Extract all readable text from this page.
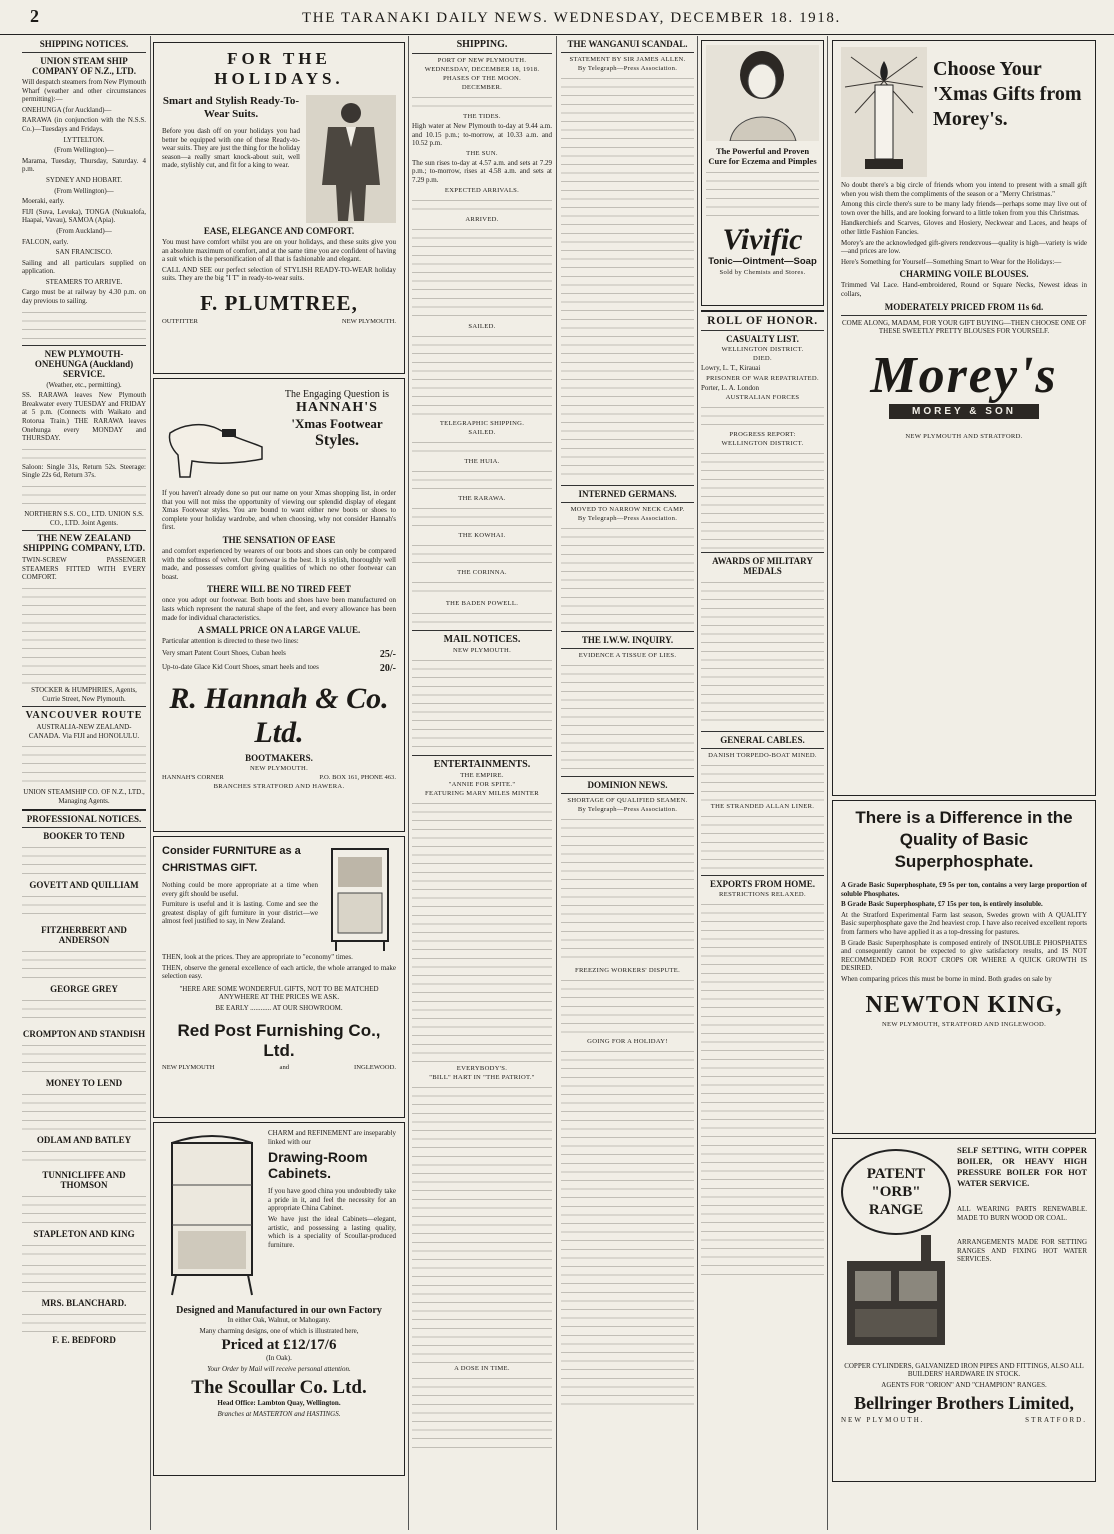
2	THE TARANAKI DAILY NEWS. WEDNESDAY, DECEMBER 18. 1918.
SHIPPING NOTICES.
UNION STEAM SHIP COMPANY OF N.Z., LTD.

Will despatch steamers from New Plymouth Wharf (weather and other circumstances permitting):—

ONEHUNGA (for Auckland)—

RARAWA (in conjunction with the N.S.S. Co.)—Tuesdays and Fridays.

LYTTELTON.

(From Wellington)—

Marama, Tuesday, Thursday, Saturday. 4 p.m.

SYDNEY AND HOBART.

(From Wellington)—

Moeraki, early.

FIJI (Suva, Levuka), TONGA (Nukualofa, Haapai, Vavau), SAMOA (Apia).

(From Auckland)—

FALCON, early.

SAN FRANCISCO.

Sailing and all particulars supplied on application.

STEAMERS TO ARRIVE.

Cargo must be at railway by 4.30 p.m. on day previous to sailing.

NEW PLYMOUTH-ONEHUNGA (Auckland) SERVICE.

(Weather, etc., permitting).

SS. RARAWA leaves New Plymouth Breakwater every TUESDAY and FRIDAY at 5 p.m. (Connects with Waikato and Rotorua Train.) THE RARAWA leaves Onehunga every MONDAY and THURSDAY.

Saloon: Single 31s, Return 52s. Steerage: Single 22s 6d, Return 37s.

NORTHERN S.S. CO., LTD. UNION S.S. CO., LTD. Joint Agents.

THE NEW ZEALAND SHIPPING COMPANY, LTD.

TWIN-SCREW PASSENGER STEAMERS FITTED WITH EVERY COMFORT.

STOCKER & HUMPHRIES, Agents, Currie Street, New Plymouth.

VANCOUVER ROUTE

AUSTRALIA-NEW ZEALAND-CANADA. Via FIJI and HONOLULU.

UNION STEAMSHIP CO. OF N.Z., LTD., Managing Agents.

PROFESSIONAL NOTICES.
BOOKER TO TEND
GOVETT AND QUILLIAM
FITZHERBERT AND ANDERSON
GEORGE GREY
CROMPTON AND STANDISH
MONEY TO LEND
ODLAM AND BATLEY
TUNNICLIFFE AND THOMSON
STAPLETON AND KING
MRS. BLANCHARD.
F. E. BEDFORD
FOR THE HOLIDAYS.
Smart and Stylish Ready-To-Wear Suits.

Before you dash off on your holidays you had better be equipped with one of these Ready-to-wear suits. They are just the thing for the holiday season—a really smart knock-about suit, well made, stylishly cut, and fit for a king to wear.

EASE, ELEGANCE AND COMFORT.

You must have comfort whilst you are on your holidays, and these suits give you an absolute maximum of comfort, and at the same time you are confident of having a suit which is the personification of all that is fashionable and elegant.

CALL AND SEE our perfect selection of STYLISH READY-TO-WEAR holiday suits. They are the big "I T" in ready-to-wear suits.

F. PLUMTREE,
OUTFITTER	NEW PLYMOUTH.
The Engaging Question is
HANNAH'S
'Xmas Footwear
Styles.

If you haven't already done so put our name on your Xmas shopping list, in order that you will not miss the opportunity of viewing our splendid display of elegant Xmas Footwear styles. You are bound to want either new boots or shoes to complete your holiday wardrobe, and when choosing, why not consider Hannah's first.

THE SENSATION OF EASE

and comfort experienced by wearers of our boots and shoes can only be compared with the softness of velvet. Our footwear is the best. It is stylish, thoroughly well made, and possesses comfort giving qualities of which no other footwear can boast.

THERE WILL BE NO TIRED FEET

once you adopt our footwear. Both boots and shoes have been manufactured on lasts which represent the natural shape of the feet, and every allowance has been made for individual characteristics.

A SMALL PRICE ON A LARGE VALUE.

Particular attention is directed to these two lines:

Very smart Patent Court Shoes, Cuban heels	25/-
Up-to-date Glace Kid Court Shoes, smart heels and toes	20/-
R. Hannah & Co. Ltd.
BOOTMAKERS.
NEW PLYMOUTH.
HANNAH'S CORNER	P.O. BOX 161, PHONE 463.
BRANCHES STRATFORD AND HAWERA.
Consider FURNITURE as a CHRISTMAS GIFT.

Nothing could be more appropriate at a time when every gift should be useful.

Furniture is useful and it is lasting. Come and see the greatest display of gift furniture in your district—we almost feel justified to say, in New Zealand.

THEN, look at the prices. They are appropriate to "economy" times.

THEN, observe the general excellence of each article, the whole arranged to make selection easy.

"HERE ARE SOME WONDERFUL GIFTS, NOT TO BE MATCHED ANYWHERE AT THE PRICES WE ASK.

BE EARLY ............ AT OUR SHOWROOM.

Red Post Furnishing Co., Ltd.
NEW PLYMOUTH	and	INGLEWOOD.

CHARM and REFINEMENT are inseparably linked with our

Drawing-Room Cabinets.

If you have good china you undoubtedly take a pride in it, and feel the necessity for an appropriate China Cabinet.

We have just the ideal Cabinets—elegant, artistic, and possessing a lasting quality, which is a speciality of Scoullar-produced furniture.

Designed and Manufactured in our own Factory

In either Oak, Walnut, or Mahogany.

Many charming designs, one of which is illustrated here,

Priced at £12/17/6

(In Oak).

Your Order by Mail will receive personal attention.

The Scoullar Co. Ltd.

Head Office: Lambton Quay, Wellington.

Branches at MASTERTON and HASTINGS.

SHIPPING.
PORT OF NEW PLYMOUTH.
WEDNESDAY, DECEMBER 18, 1918.
PHASES OF THE MOON.
DECEMBER.
THE TIDES.

High water at New Plymouth to-day at 9.44 a.m. and 10.15 p.m.; to-morrow, at 10.33 a.m. and 10.52 p.m.

THE SUN.

The sun rises to-day at 4.57 a.m. and sets at 7.29 p.m.; to-morrow, rises at 4.58 a.m. and sets at 7.29 p.m.

EXPECTED ARRIVALS.
ARRIVED.
SAILED.
TELEGRAPHIC SHIPPING.
SAILED.
THE HUIA.
THE RARAWA.
THE KOWHAI.
THE CORINNA.
THE BADEN POWELL.
MAIL NOTICES.
NEW PLYMOUTH.
ENTERTAINMENTS.
THE EMPIRE.
"ANNIE FOR SPITE."
FEATURING MARY MILES MINTER
EVERYBODY'S.
"BILL" HART IN "THE PATRIOT."
A DOSE IN TIME.
THE WANGANUI SCANDAL.
STATEMENT BY SIR JAMES ALLEN.
By Telegraph—Press Association.
INTERNED GERMANS.
MOVED TO NARROW NECK CAMP.
By Telegraph—Press Association.
THE I.W.W. INQUIRY.
EVIDENCE A TISSUE OF LIES.
DOMINION NEWS.
SHORTAGE OF QUALIFIED SEAMEN.
By Telegraph—Press Association.
FREEZING WORKERS' DISPUTE.
GOING FOR A HOLIDAY!
The Powerful and Proven Cure for Eczema and Pimples
Vivific
Tonic—Ointment—Soap
Sold by Chemists and Stores.
ROLL OF HONOR.
CASUALTY LIST.
WELLINGTON DISTRICT.
DIED.

Lowry, L. T., Kirauai

PRISONER OF WAR REPATRIATED.

Porter, L. A. London

AUSTRALIAN FORCES
PROGRESS REPORT:
WELLINGTON DISTRICT.
AWARDS OF MILITARY MEDALS
GENERAL CABLES.
DANISH TORPEDO-BOAT MINED.
THE STRANDED ALLAN LINER.
EXPORTS FROM HOME.
RESTRICTIONS RELAXED.
Choose Your 'Xmas Gifts from Morey's.

No doubt there's a big circle of friends whom you intend to present with a small gift when you wish them the compliments of the season or a "Merry Christmas."

Among this circle there's sure to be many lady friends—perhaps some may live out of town over the hills, and are looking forward to a little token from you this Christmas.

Handkerchiefs and Scarves, Gloves and Hosiery, Neckwear and Laces, and heaps of other little Fashion Fancies.

Morey's are the acknowledged gift-givers rendezvous—quality is high—variety is wide—and prices are low.

Here's Something for Yourself—Something Smart to Wear for the Holidays:—

CHARMING VOILE BLOUSES.

Trimmed Val Lace. Hand-embroidered, Round or Square Necks, Newest ideas in collars,

MODERATELY PRICED FROM 11s 6d.

COME ALONG, MADAM, FOR YOUR GIFT BUYING—THEN CHOOSE ONE OF THESE SWEETLY PRETTY BLOUSES FOR YOURSELF.

Morey's
MOREY & SON
NEW PLYMOUTH AND STRATFORD.
There is a Difference in the Quality of Basic Superphosphate.

A Grade Basic Superphosphate, £9 5s per ton, contains a very large proportion of soluble Phosphates.

B Grade Basic Superphosphate, £7 15s per ton, is entirely insoluble.

At the Stratford Experimental Farm last season, Swedes grown with A QUALITY Basic superphosphate gave the 2nd heaviest crop. I have also received excellent reports from farmers who have applied it as a top-dressing for pastures.

B Grade Basic Superphosphate is composed entirely of INSOLUBLE PHOSPHATES and consequently cannot be expected to give satisfactory results, and IS NOT RECOMMENDED FOR ROOT CROPS OR WHERE A QUICK GROWTH IS DESIRED.

When comparing prices this must be borne in mind. Both grades on sale by

NEWTON KING,
NEW PLYMOUTH, STRATFORD AND INGLEWOOD.
PATENT "ORB" RANGE

SELF SETTING, WITH COPPER BOILER, OR HEAVY HIGH PRESSURE BOILER FOR HOT WATER SERVICE.

ALL WEARING PARTS RENEWABLE. MADE TO BURN WOOD OR COAL.

ARRANGEMENTS MADE FOR SETTING RANGES AND FIXING HOT WATER SERVICES.

COPPER CYLINDERS, GALVANIZED IRON PIPES AND FITTINGS, ALSO ALL BUILDERS' HARDWARE IN STOCK.

AGENTS FOR "ORION" AND "CHAMPION" RANGES.

Bellringer Brothers Limited,
NEW PLYMOUTH.	STRATFORD.
